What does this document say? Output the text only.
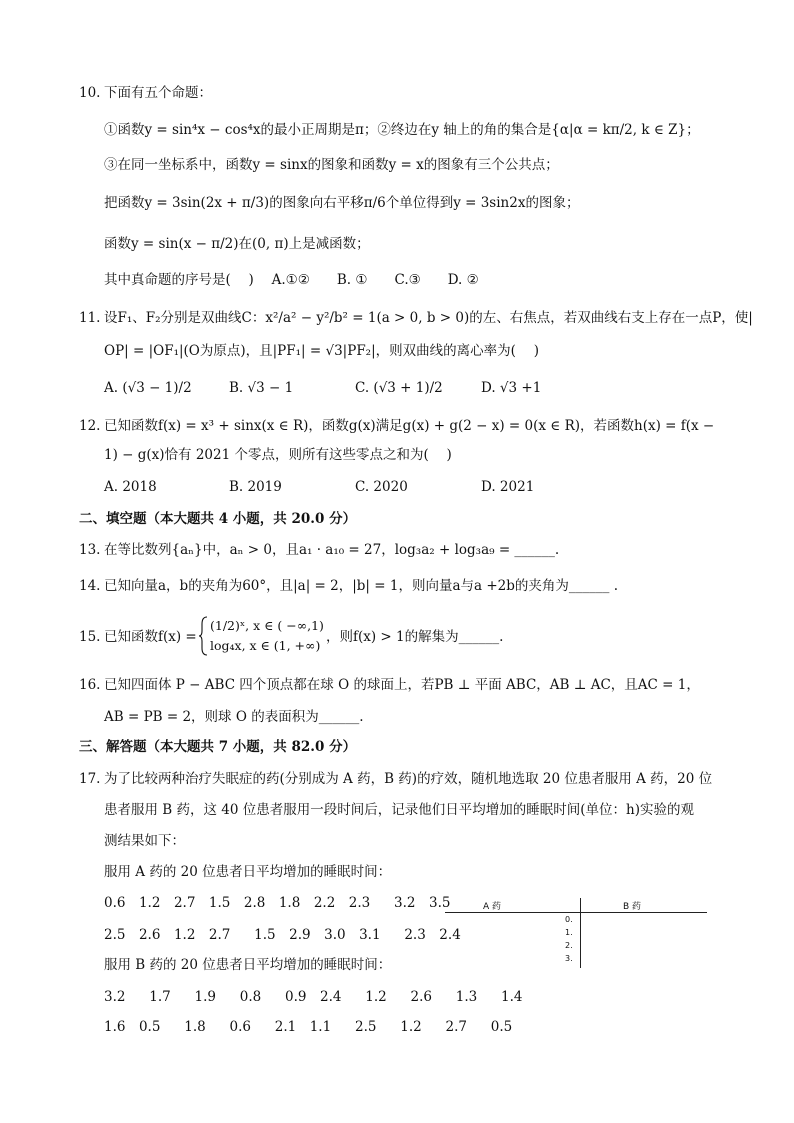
10. 下面有五个命题：
①函数y = sin⁴x − cos⁴x的最小正周期是π；②终边在y 轴上的角的集合是{α|α = kπ/2, k ∈ Z}；
③在同一坐标系中，函数y = sinx的图象和函数y = x的图象有三个公共点；
把函数y = 3sin(2x + π/3)的图象向右平移π/6个单位得到y = 3sin2x的图象；
函数y = sin(x − π/2)在(0, π)上是减函数；
其中真命题的序号是(　 )　 A.①②　　B. ①　　C.③　　D. ②
11. 设F₁、F₂分别是双曲线C：x²/a² − y²/b² = 1(a > 0, b > 0)的左、右焦点，若双曲线右支上存在一点P，使|
OP| = |OF₁|(O为原点)，且|PF₁| = √3|PF₂|，则双曲线的离心率为(　 )
A. (√3 − 1)/2	B. √3 − 1	C. (√3 + 1)/2	D. √3 +1
12. 已知函数f(x) = x³ + sinx(x ∈ R)，函数g(x)满足g(x) + g(2 − x) = 0(x ∈ R)，若函数h(x) = f(x −
1) − g(x)恰有 2021 个零点，则所有这些零点之和为(　 )
A. 2018	B. 2019	C. 2020	D. 2021
二、填空题（本大题共 4 小题，共 20.0 分）
13. 在等比数列{aₙ}中，aₙ > 0，且a₁ · a₁₀ = 27，log₃a₂ + log₃a₉ = ______.
14. 已知向量a，b的夹角为60°，且|a| = 2，|b| = 1，则向量a与a +2b的夹角为______ .
15. 已知函数f(x) =
(1/2)ˣ, x ∈ ( −∞,1)
log₄x, x ∈ (1, +∞)
，则f(x) > 1的解集为______.
16. 已知四面体 P − ABC 四个顶点都在球 O 的球面上，若PB ⊥ 平面 ABC，AB ⊥ AC，且AC = 1，
AB = PB = 2，则球 O 的表面积为______.
三、解答题（本大题共 7 小题，共 82.0 分）
17. 为了比较两种治疗失眠症的药(分别成为 A 药，B 药)的疗效，随机地选取 20 位患者服用 A 药，20 位
患者服用 B 药，这 40 位患者服用一段时间后，记录他们日平均增加的睡眠时间(单位：h)实验的观
测结果如下：
服用 A 药的 20 位患者日平均增加的睡眠时间：
0.6　1.2　2.7　1.5　2.8　1.8　2.2　2.3　 3.2　3.5
2.5　2.6　1.2　2.7　 1.5　2.9　3.0　3.1　 2.3　2.4
服用 B 药的 20 位患者日平均增加的睡眠时间：
3.2　 1.7　 1.9　 0.8　 0.9　2.4　 1.2　 2.6　 1.3　 1.4
1.6　0.5　 1.8　 0.6　 2.1　1.1　 2.5　 1.2　 2.7　 0.5
A 药	B 药
0.
1.
2.
3.
